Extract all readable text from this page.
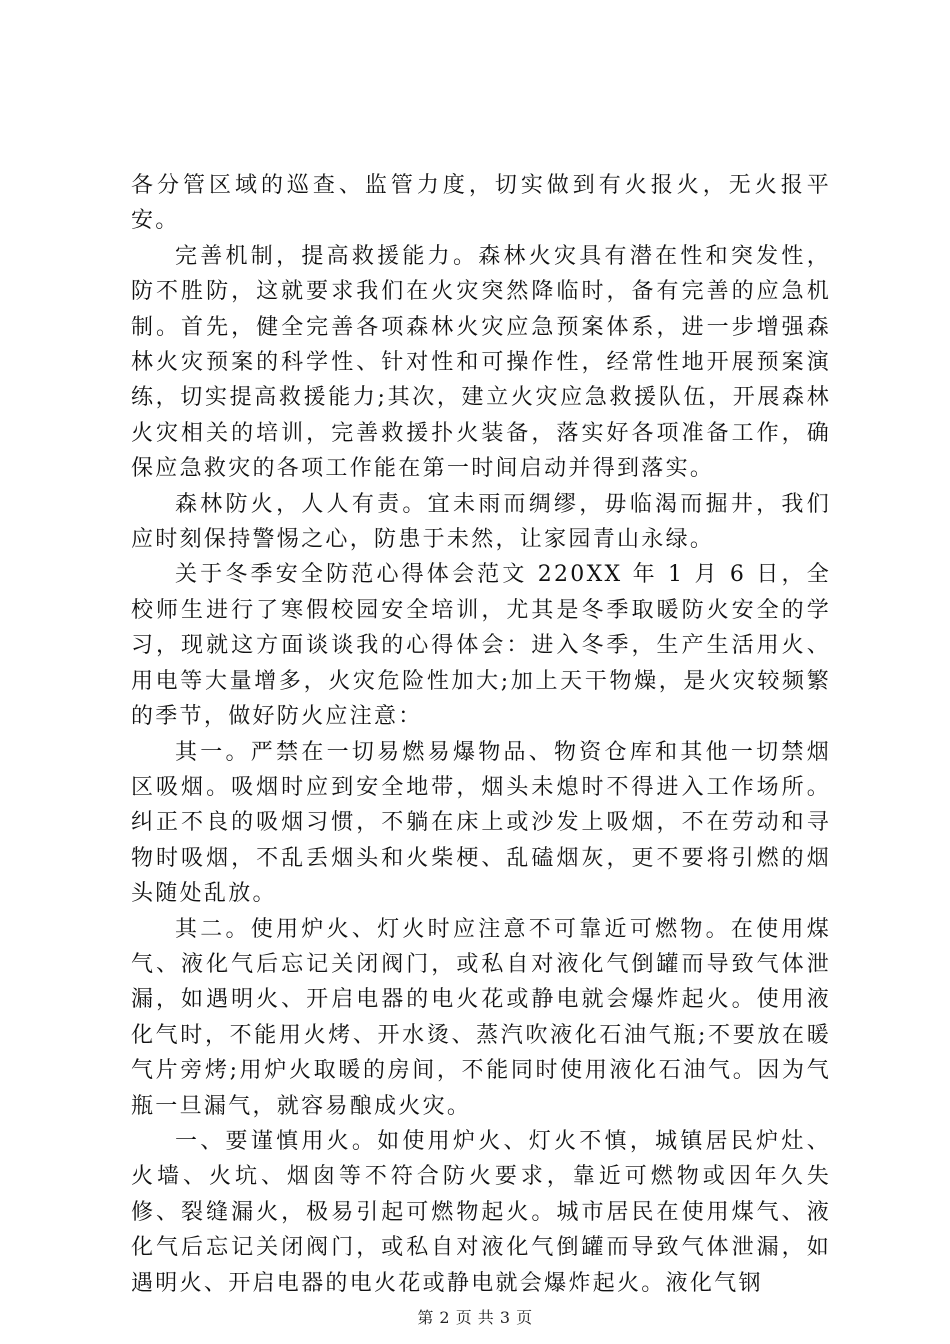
各分管区域的巡查、监管力度，切实做到有火报火，无火报平安。

完善机制，提高救援能力。森林火灾具有潜在性和突发性，防不胜防，这就要求我们在火灾突然降临时，备有完善的应急机制。首先，健全完善各项森林火灾应急预案体系，进一步增强森林火灾预案的科学性、针对性和可操作性，经常性地开展预案演练，切实提高救援能力;其次，建立火灾应急救援队伍，开展森林火灾相关的培训，完善救援扑火装备，落实好各项准备工作，确保应急救灾的各项工作能在第一时间启动并得到落实。

森林防火，人人有责。宜未雨而绸缪，毋临渴而掘井，我们应时刻保持警惕之心，防患于未然，让家园青山永绿。

关于冬季安全防范心得体会范文 220XX 年 1 月 6 日，全校师生进行了寒假校园安全培训，尤其是冬季取暖防火安全的学习，现就这方面谈谈我的心得体会：进入冬季，生产生活用火、用电等大量增多，火灾危险性加大;加上天干物燥，是火灾较频繁的季节，做好防火应注意：

其一。严禁在一切易燃易爆物品、物资仓库和其他一切禁烟区吸烟。吸烟时应到安全地带，烟头未熄时不得进入工作场所。纠正不良的吸烟习惯，不躺在床上或沙发上吸烟，不在劳动和寻物时吸烟，不乱丢烟头和火柴梗、乱磕烟灰，更不要将引燃的烟头随处乱放。

其二。使用炉火、灯火时应注意不可靠近可燃物。在使用煤气、液化气后忘记关闭阀门，或私自对液化气倒罐而导致气体泄漏，如遇明火、开启电器的电火花或静电就会爆炸起火。使用液化气时，不能用火烤、开水烫、蒸汽吹液化石油气瓶;不要放在暖气片旁烤;用炉火取暖的房间，不能同时使用液化石油气。因为气瓶一旦漏气，就容易酿成火灾。

一、要谨慎用火。如使用炉火、灯火不慎，城镇居民炉灶、火墙、火坑、烟囱等不符合防火要求，靠近可燃物或因年久失修、裂缝漏火，极易引起可燃物起火。城市居民在使用煤气、液化气后忘记关闭阀门，或私自对液化气倒罐而导致气体泄漏，如遇明火、开启电器的电火花或静电就会爆炸起火。液化气钢

第 2 页 共 3 页
